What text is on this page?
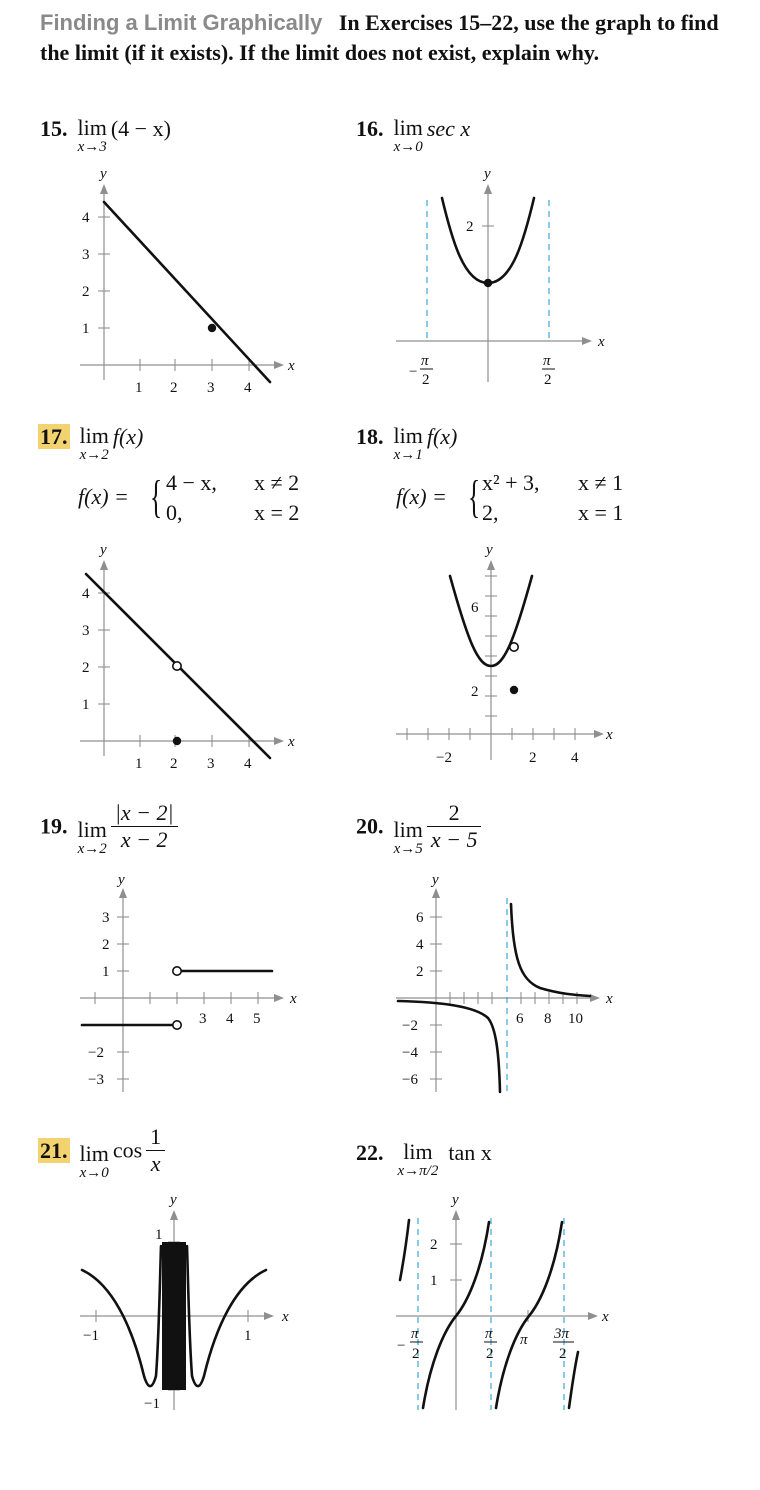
Finding a Limit Graphically In Exercises 15–22, use the graph to find the limit (if it exists). If the limit does not exist, explain why.
15. lim
x→3
(4 − x)
y
x
1 2 3 4
1
2
3
4
16. lim
x→0
sec x
y
x
2
−
π
2
π
2
17. lim
x→2
f(x)
f(x) = { 4 − x, x ≠ 2
0,	x = 2
y
x
1 2 3 4
1
2
3
4
18. lim
x→1
f(x)
f(x) = { x² + 3, x ≠ 1
2,	x = 1
y
x
−2	2 4
2
6
19. lim
x→2
$\frac{|x - 2|}{x - 2}$
y
x
3 4 5
1
2
3
−2
−3
20. lim
x→5
$\frac{2}{x - 5}$
y
x
6 8 10
6
4
2
−2
−4
−6
21. lim
x→0
$\cos \frac{1}{x}$
y
x
−1	1
1
−1
22. lim
x→π/2
tan x
y
x
2
1
π
−
π
2
π
2
3π
2
